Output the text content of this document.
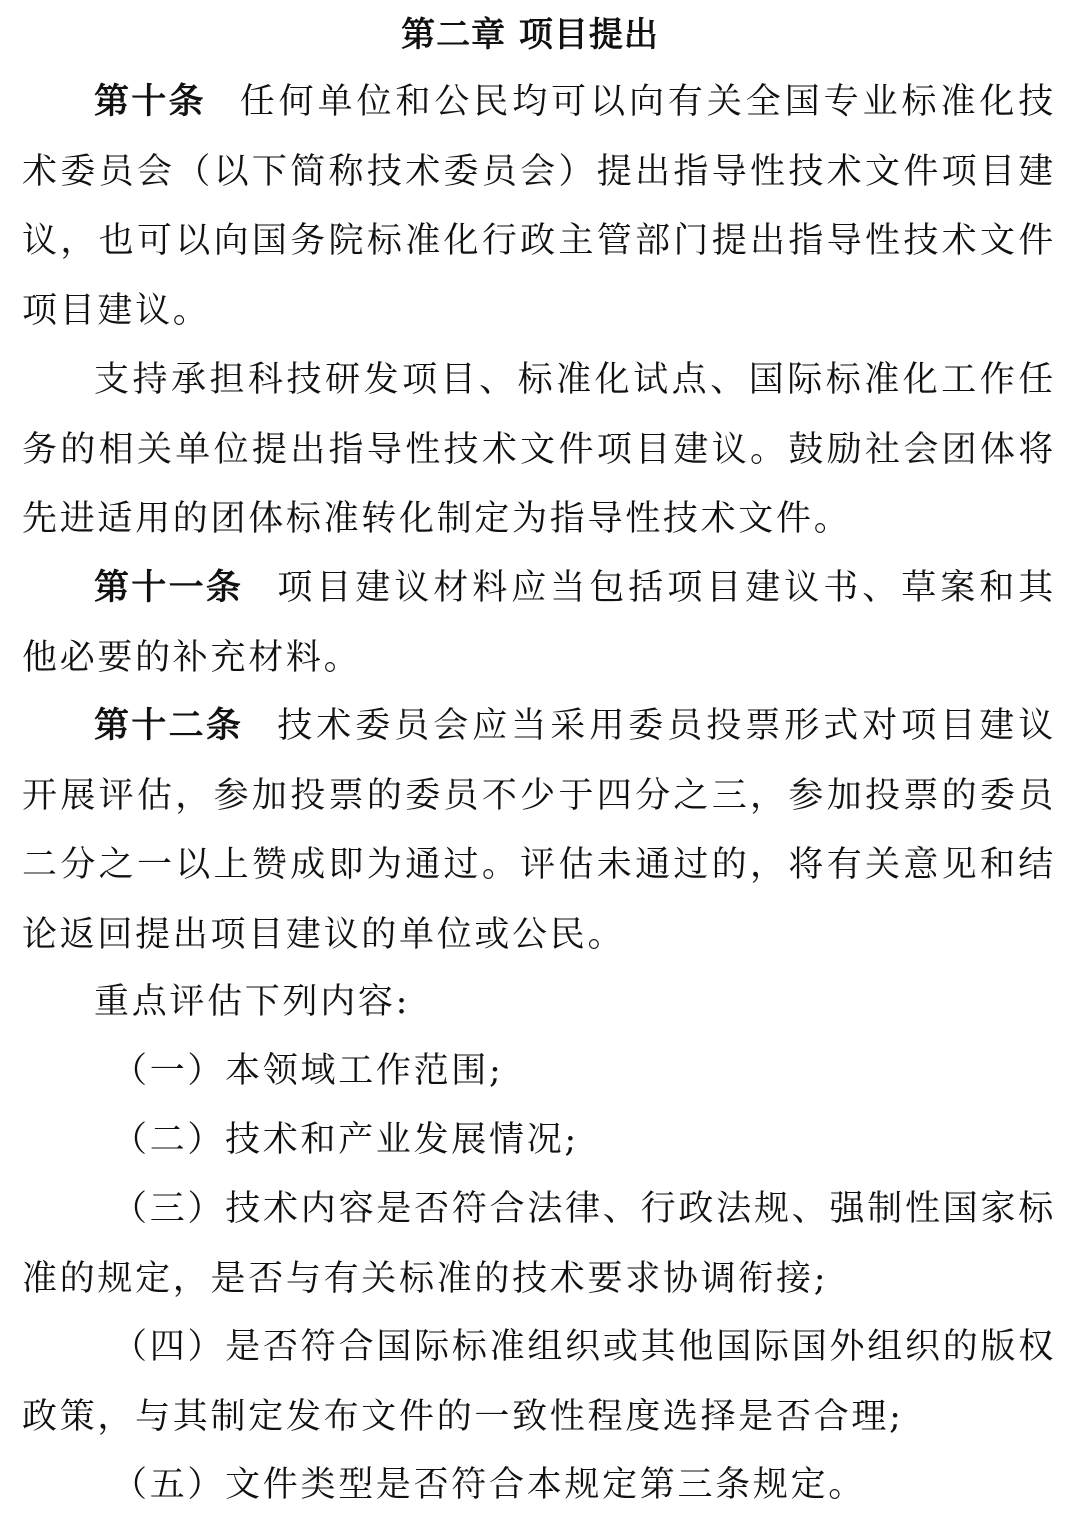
第二章 项目提出

第十条 任何单位和公民均可以向有关全国专业标准化技术委员会（以下简称技术委员会）提出指导性技术文件项目建议，也可以向国务院标准化行政主管部门提出指导性技术文件项目建议。

支持承担科技研发项目、标准化试点、国际标准化工作任务的相关单位提出指导性技术文件项目建议。鼓励社会团体将先进适用的团体标准转化制定为指导性技术文件。

第十一条 项目建议材料应当包括项目建议书、草案和其他必要的补充材料。

第十二条 技术委员会应当采用委员投票形式对项目建议开展评估，参加投票的委员不少于四分之三，参加投票的委员二分之一以上赞成即为通过。评估未通过的，将有关意见和结论返回提出项目建议的单位或公民。

重点评估下列内容:

（一）本领域工作范围;

（二）技术和产业发展情况;

（三）技术内容是否符合法律、行政法规、强制性国家标准的规定，是否与有关标准的技术要求协调衔接;

（四）是否符合国际标准组织或其他国际国外组织的版权政策，与其制定发布文件的一致性程度选择是否合理;

（五）文件类型是否符合本规定第三条规定。
